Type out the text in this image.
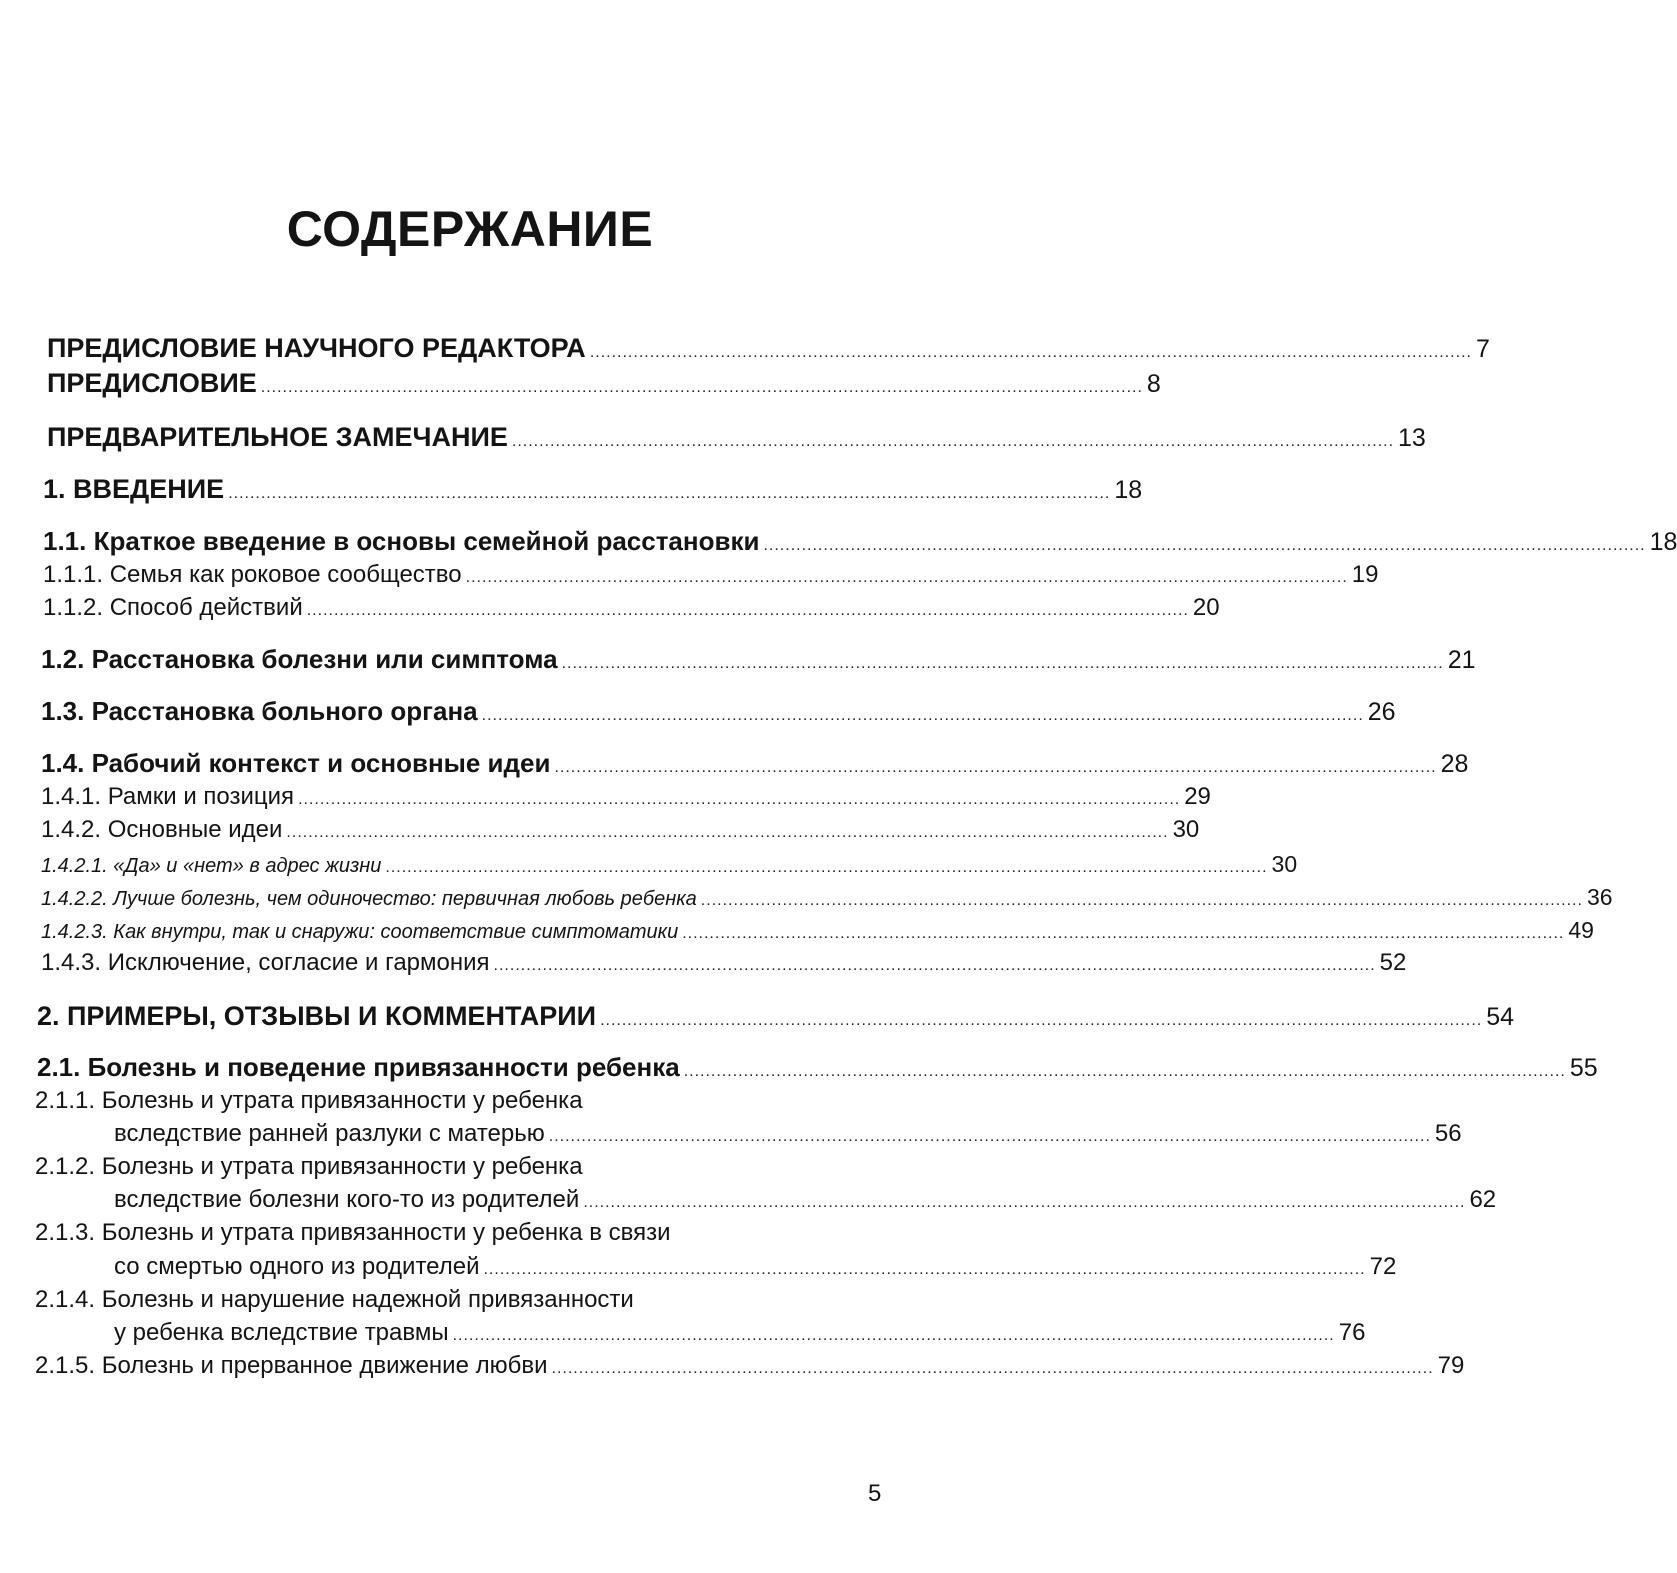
СОДЕРЖАНИЕ
ПРЕДИСЛОВИЕ НАУЧНОГО РЕДАКТОРА .................................................................................................................................................................. 7
ПРЕДИСЛОВИЕ .................................................................................................................................................................. 8
ПРЕДВАРИТЕЛЬНОЕ ЗАМЕЧАНИЕ .................................................................................................................................................................. 13
1. ВВЕДЕНИЕ .................................................................................................................................................................. 18
1.1. Краткое введение в основы семейной расстановки .................................................................................................................................................................. 18
1.1.1. Семья как роковое сообщество .................................................................................................................................................................. 19
1.1.2. Способ действий .................................................................................................................................................................. 20
1.2. Расстановка болезни или симптома .................................................................................................................................................................. 21
1.3. Расстановка больного органа .................................................................................................................................................................. 26
1.4. Рабочий контекст и основные идеи .................................................................................................................................................................. 28
1.4.1. Рамки и позиция .................................................................................................................................................................. 29
1.4.2. Основные идеи .................................................................................................................................................................. 30
1.4.2.1. «Да» и «нет» в адрес жизни .................................................................................................................................................................. 30
1.4.2.2. Лучше болезнь, чем одиночество: первичная любовь ребенка .................................................................................................................................................................. 36
1.4.2.3. Как внутри, так и снаружи: соответствие симптоматики .................................................................................................................................................................. 49
1.4.3. Исключение, согласие и гармония .................................................................................................................................................................. 52
2. ПРИМЕРЫ, ОТЗЫВЫ И КОММЕНТАРИИ .................................................................................................................................................................. 54
2.1. Болезнь и поведение привязанности ребенка .................................................................................................................................................................. 55
2.1.1. Болезнь и утрата привязанности у ребенка
вследствие ранней разлуки с матерью .................................................................................................................................................................. 56
2.1.2. Болезнь и утрата привязанности у ребенка
вследствие болезни кого-то из родителей .................................................................................................................................................................. 62
2.1.3. Болезнь и утрата привязанности у ребенка в связи
со смертью одного из родителей .................................................................................................................................................................. 72
2.1.4. Болезнь и нарушение надежной привязанности
у ребенка вследствие травмы .................................................................................................................................................................. 76
2.1.5. Болезнь и прерванное движение любви .................................................................................................................................................................. 79
5
